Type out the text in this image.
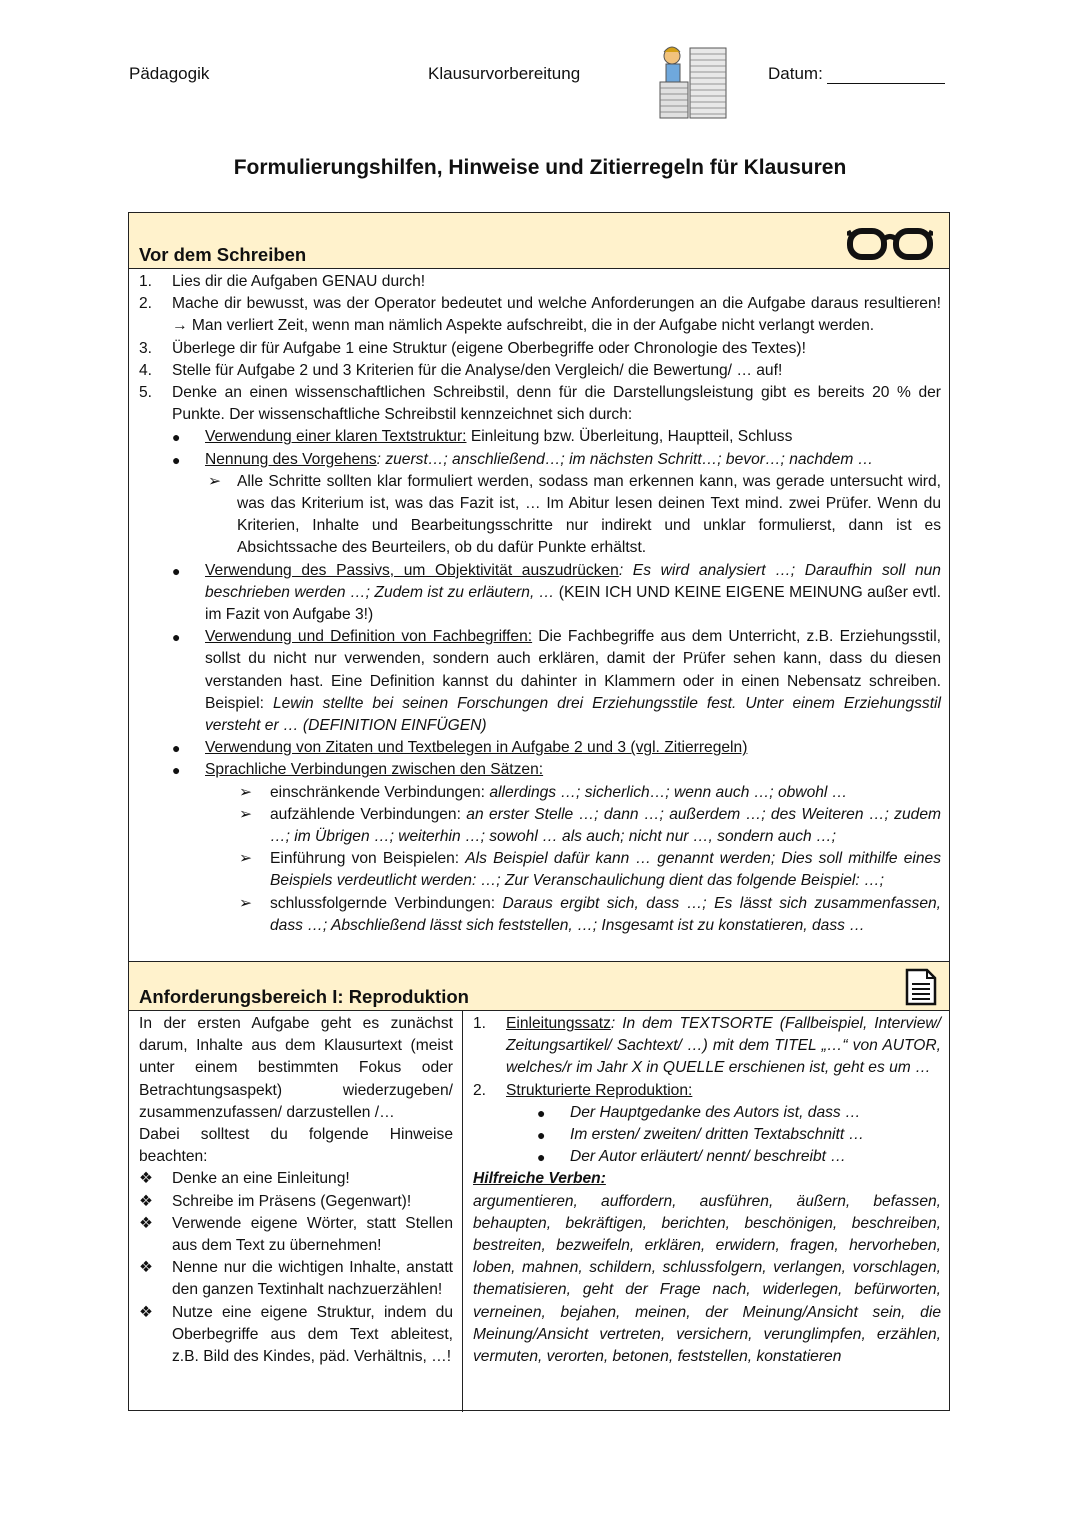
Pädagogik	Klausurvorbereitung	Datum:
Formulierungshilfen, Hinweise und Zitierregeln für Klausuren
Vor dem Schreiben
1. Lies dir die Aufgaben GENAU durch!
2. Mache dir bewusst, was der Operator bedeutet und welche Anforderungen an die Aufgabe daraus resultieren! → Man verliert Zeit, wenn man nämlich Aspekte aufschreibt, die in der Aufgabe nicht verlangt werden.
3. Überlege dir für Aufgabe 1 eine Struktur (eigene Oberbegriffe oder Chronologie des Textes)!
4. Stelle für Aufgabe 2 und 3 Kriterien für die Analyse/den Vergleich/ die Bewertung/ … auf!
5. Denke an einen wissenschaftlichen Schreibstil, denn für die Darstellungsleistung gibt es bereits 20 % der Punkte. Der wissenschaftliche Schreibstil kennzeichnet sich durch:
● Verwendung einer klaren Textstruktur: Einleitung bzw. Überleitung, Hauptteil, Schluss
● Nennung des Vorgehens: zuerst…; anschließend…; im nächsten Schritt…; bevor…; nachdem …
➢ Alle Schritte sollten klar formuliert werden, sodass man erkennen kann, was gerade untersucht wird, was das Kriterium ist, was das Fazit ist, … Im Abitur lesen deinen Text mind. zwei Prüfer. Wenn du Kriterien, Inhalte und Bearbeitungsschritte nur indirekt und unklar formulierst, dann ist es Absichtssache des Beurteilers, ob du dafür Punkte erhältst.
● Verwendung des Passivs, um Objektivität auszudrücken: Es wird analysiert …; Daraufhin soll nun beschrieben werden …; Zudem ist zu erläutern, … (KEIN ICH UND KEINE EIGENE MEINUNG außer evtl. im Fazit von Aufgabe 3!)
● Verwendung und Definition von Fachbegriffen: Die Fachbegriffe aus dem Unterricht, z.B. Erziehungsstil, sollst du nicht nur verwenden, sondern auch erklären, damit der Prüfer sehen kann, dass du diesen verstanden hast. Eine Definition kannst du dahinter in Klammern oder in einen Nebensatz schreiben. Beispiel: Lewin stellte bei seinen Forschungen drei Erziehungsstile fest. Unter einem Erziehungsstil versteht er … (DEFINITION EINFÜGEN)
● Verwendung von Zitaten und Textbelegen in Aufgabe 2 und 3 (vgl. Zitierregeln)
● Sprachliche Verbindungen zwischen den Sätzen:
➢ einschränkende Verbindungen: allerdings …; sicherlich…; wenn auch …; obwohl …
➢ aufzählende Verbindungen: an erster Stelle …; dann …; außerdem …; des Weiteren …; zudem …; im Übrigen …; weiterhin …; sowohl … als auch; nicht nur …, sondern auch …;
➢ Einführung von Beispielen: Als Beispiel dafür kann … genannt werden; Dies soll mithilfe eines Beispiels verdeutlicht werden: …; Zur Veranschaulichung dient das folgende Beispiel: …;
➢ schlussfolgernde Verbindungen: Daraus ergibt sich, dass …; Es lässt sich zusammenfassen, dass …; Abschließend lässt sich feststellen, …; Insgesamt ist zu konstatieren, dass …
Anforderungsbereich I: Reproduktion

In der ersten Aufgabe geht es zunächst darum, Inhalte aus dem Klausurtext (meist unter einem bestimmten Fokus oder Betrachtungsaspekt) wiederzugeben/ zusammenzufassen/ darzustellen /…

Dabei solltest du folgende Hinweise beachten:

❖ Denke an eine Einleitung!
❖ Schreibe im Präsens (Gegenwart)!
❖ Verwende eigene Wörter, statt Stellen aus dem Text zu übernehmen!
❖ Nenne nur die wichtigen Inhalte, anstatt den ganzen Textinhalt nachzuerzählen!
❖ Nutze eine eigene Struktur, indem du Oberbegriffe aus dem Text ableitest, z.B. Bild des Kindes, päd. Verhältnis, …!
1. Einleitungssatz: In dem TEXTSORTE (Fallbeispiel, Interview/ Zeitungsartikel/ Sachtext/ …) mit dem TITEL „…“ von AUTOR, welches/r im Jahr X in QUELLE erschienen ist, geht es um …
2. Strukturierte Reproduktion:
● Der Hauptgedanke des Autors ist, dass …
● Im ersten/ zweiten/ dritten Textabschnitt …
● Der Autor erläutert/ nennt/ beschreibt …
Hilfreiche Verben:

argumentieren, auffordern, ausführen, äußern, befassen, behaupten, bekräftigen, berichten, beschönigen, beschreiben, bestreiten, bezweifeln, erklären, erwidern, fragen, hervorheben, loben, mahnen, schildern, schlussfolgern, verlangen, vorschlagen, thematisieren, geht der Frage nach, widerlegen, befürworten, verneinen, bejahen, meinen, der Meinung/Ansicht sein, die Meinung/Ansicht vertreten, versichern, verunglimpfen, erzählen, vermuten, verorten, betonen, feststellen, konstatieren
